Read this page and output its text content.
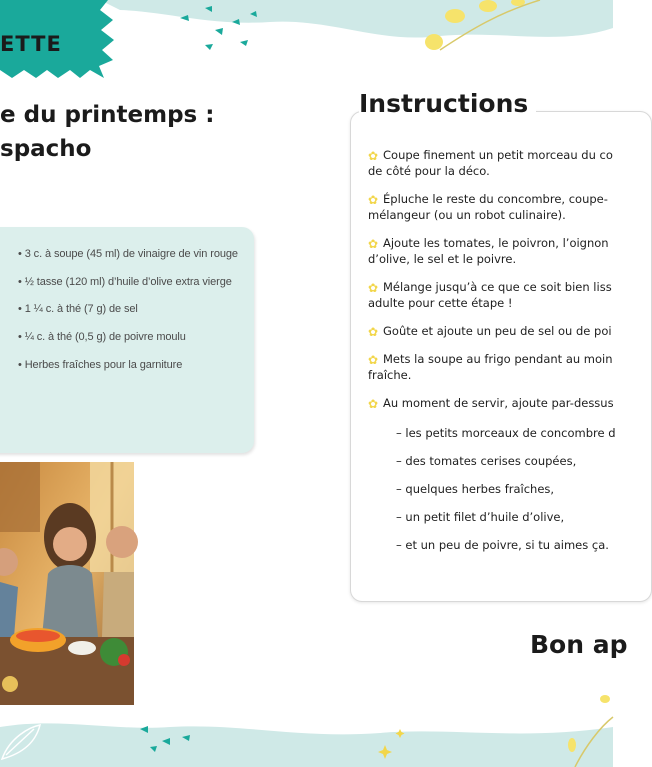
ETTE
e du printemps :
spacho
• 3 c. à soupe (45 ml) de vinaigre de vin rouge
• ½ tasse (120 ml) d’huile d’olive extra vierge
• 1 ¼ c. à thé (7 g) de sel
• ¼ c. à thé (0,5 g) de poivre moulu
• Herbes fraîches pour la garniture
Instructions
✿ Coupe finement un petit morceau du co
de côté pour la déco.
✿ Épluche le reste du concombre, coupe-
mélangeur (ou un robot culinaire).
✿ Ajoute les tomates, le poivron, l’oignon
d’olive, le sel et le poivre.
✿ Mélange jusqu’à ce que ce soit bien liss
adulte pour cette étape !
✿ Goûte et ajoute un peu de sel ou de poi
✿ Mets la soupe au frigo pendant au moin
fraîche.
✿ Au moment de servir, ajoute par-dessus
– les petits morceaux de concombre d
– des tomates cerises coupées,
– quelques herbes fraîches,
– un petit filet d’huile d’olive,
– et un peu de poivre, si tu aimes ça.
Bon ap
